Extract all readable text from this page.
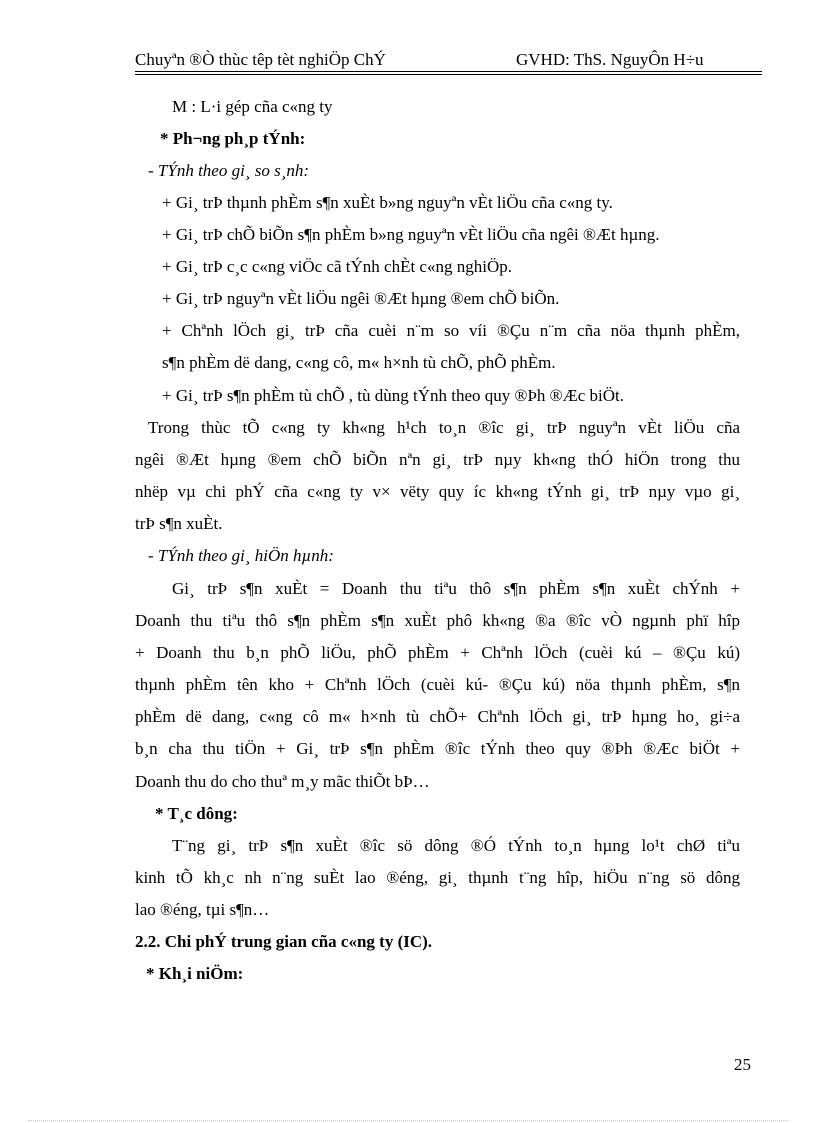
Chuyªn ®Ò thùc têp tèt nghiÖp ChÝ	GVHD: ThS. NguyÔn H÷u
M : L·i gép cña c«ng ty
* Ph¬ng ph¸p tÝnh:
- TÝnh theo gi¸ so s¸nh:
+ Gi¸ trÞ thµnh phÈm s¶n xuÈt b»ng nguyªn vÈt liÖu cña c«ng ty.
+ Gi¸ trÞ chÕ biÕn s¶n phÈm b»ng nguyªn vÈt liÖu cña ngêi ®Æt hµng.
+ Gi¸ trÞ c¸c c«ng viÖc cã tÝnh chÈt c«ng nghiÖp.
+ Gi¸ trÞ nguyªn vÈt liÖu ngêi ®Æt hµng ®em chÕ biÕn.
+ Chªnh lÖch gi¸ trÞ cña cuèi n¨m so víi ®Çu n¨m cña nöa thµnh phÈm,
s¶n phÈm dë dang, c«ng cô, m« h×nh tù chÕ, phÕ phÈm.
+ Gi¸ trÞ s¶n phÈm tù chÕ , tù dùng tÝnh theo quy ®Þh ®Æc biÖt.
Trong thùc tÕ c«ng ty kh«ng h¹ch to¸n ®îc gi¸ trÞ nguyªn vÈt liÖu cña
ngêi ®Æt hµng ®em chÕ biÕn nªn gi¸ trÞ nµy kh«ng thÓ hiÖn trong thu
nhëp vµ chi phÝ cña c«ng ty v× vëty quy íc kh«ng tÝnh gi¸ trÞ nµy vµo gi¸
trÞ s¶n xuÈt.
- TÝnh theo gi¸ hiÖn hµnh:
Gi¸ trÞ s¶n xuÈt = Doanh thu tiªu thô s¶n phÈm s¶n xuÈt chÝnh +
Doanh thu tiªu thô s¶n phÈm s¶n xuÈt phô kh«ng ®a ®îc vÒ ngµnh phï hîp
+ Doanh thu b¸n phÕ liÖu, phÕ phÈm + Chªnh lÖch (cuèi kú – ®Çu kú)
thµnh phÈm tên kho + Chªnh lÖch (cuèi kú- ®Çu kú) nöa thµnh phÈm, s¶n
phÈm dë dang, c«ng cô m« h×nh tù chÕ+ Chªnh lÖch gi¸ trÞ hµng ho¸ gi÷a
b¸n cha thu tiÖn + Gi¸ trÞ s¶n phÈm ®îc tÝnh theo quy ®Þh ®Æc biÖt +
Doanh thu do cho thuª m¸y mãc thiÕt bÞ…
* T¸c dông:
T¨ng gi¸ trÞ s¶n xuÈt ®îc sö dông ®Ó tÝnh to¸n hµng lo¹t chØ tiªu
kinh tÕ kh¸c nh n¨ng suÈt lao ®éng, gi¸ thµnh t¨ng hîp, hiÖu n¨ng sö dông
lao ®éng, tµi s¶n…
2.2. Chi phÝ trung gian cña c«ng ty (IC).
* Kh¸i niÖm:
25
